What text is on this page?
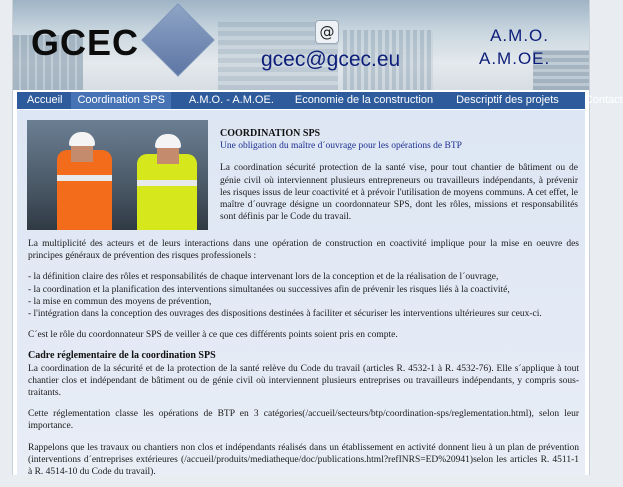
GCEC	@
gcec@gcec.eu
A.M.O.
A.M.OE.
Accueil	Coordination SPS	A.M.O. - A.M.OE. Economie de la construction Descriptif des projets Contact
COORDINATION SPS
Une obligation du maître d´ouvrage pour les opérations de BTP

La coordination sécurité protection de la santé vise, pour tout chantier de bâtiment ou de génie civil où interviennent plusieurs entrepreneurs ou travailleurs indépendants, à prévenir les risques issus de leur coactivité et à prévoir l'utilisation de moyens communs. A cet effet, le maître d´ouvrage désigne un coordonnateur SPS, dont les rôles, missions et responsabilités sont définis par le Code du travail.

La multiplicité des acteurs et de leurs interactions dans une opération de construction en coactivité implique pour la mise en oeuvre des principes généraux de prévention des risques professionels :

- la définition claire des rôles et responsabilités de chaque intervenant lors de la conception et de la réalisation de l´ouvrage,
- la coordination et la planification des interventions simultanées ou successives afin de prévenir les risques liés à la coactivité,
- la mise en commun des moyens de prévention,
- l'intégration dans la conception des ouvrages des dispositions destinées à faciliter et sécuriser les interventions ultérieures sur ceux-ci.

C´est le rôle du coordonnateur SPS de veiller à ce que ces différents points soient pris en compte.

Cadre réglementaire de la coordination SPS

La coordination de la sécurité et de la protection de la santé relève du Code du travail (articles R. 4532-1 à R. 4532-76). Elle s´applique à tout chantier clos et indépendant de bâtiment ou de génie civil où interviennent plusieurs entreprises ou travailleurs indépendants, y compris sous-traitants.

Cette réglementation classe les opérations de BTP en 3 catégories(/accueil/secteurs/btp/coordination-sps/reglementation.html), selon leur importance.

Rappelons que les travaux ou chantiers non clos et indépendants réalisés dans un établissement en activité donnent lieu à un plan de prévention (interventions d´entreprises extérieures (/accueil/produits/mediatheque/doc/publications.html?refINRS=ED%20941)selon les articles R. 4511-1 à R. 4514-10 du Code du travail).
